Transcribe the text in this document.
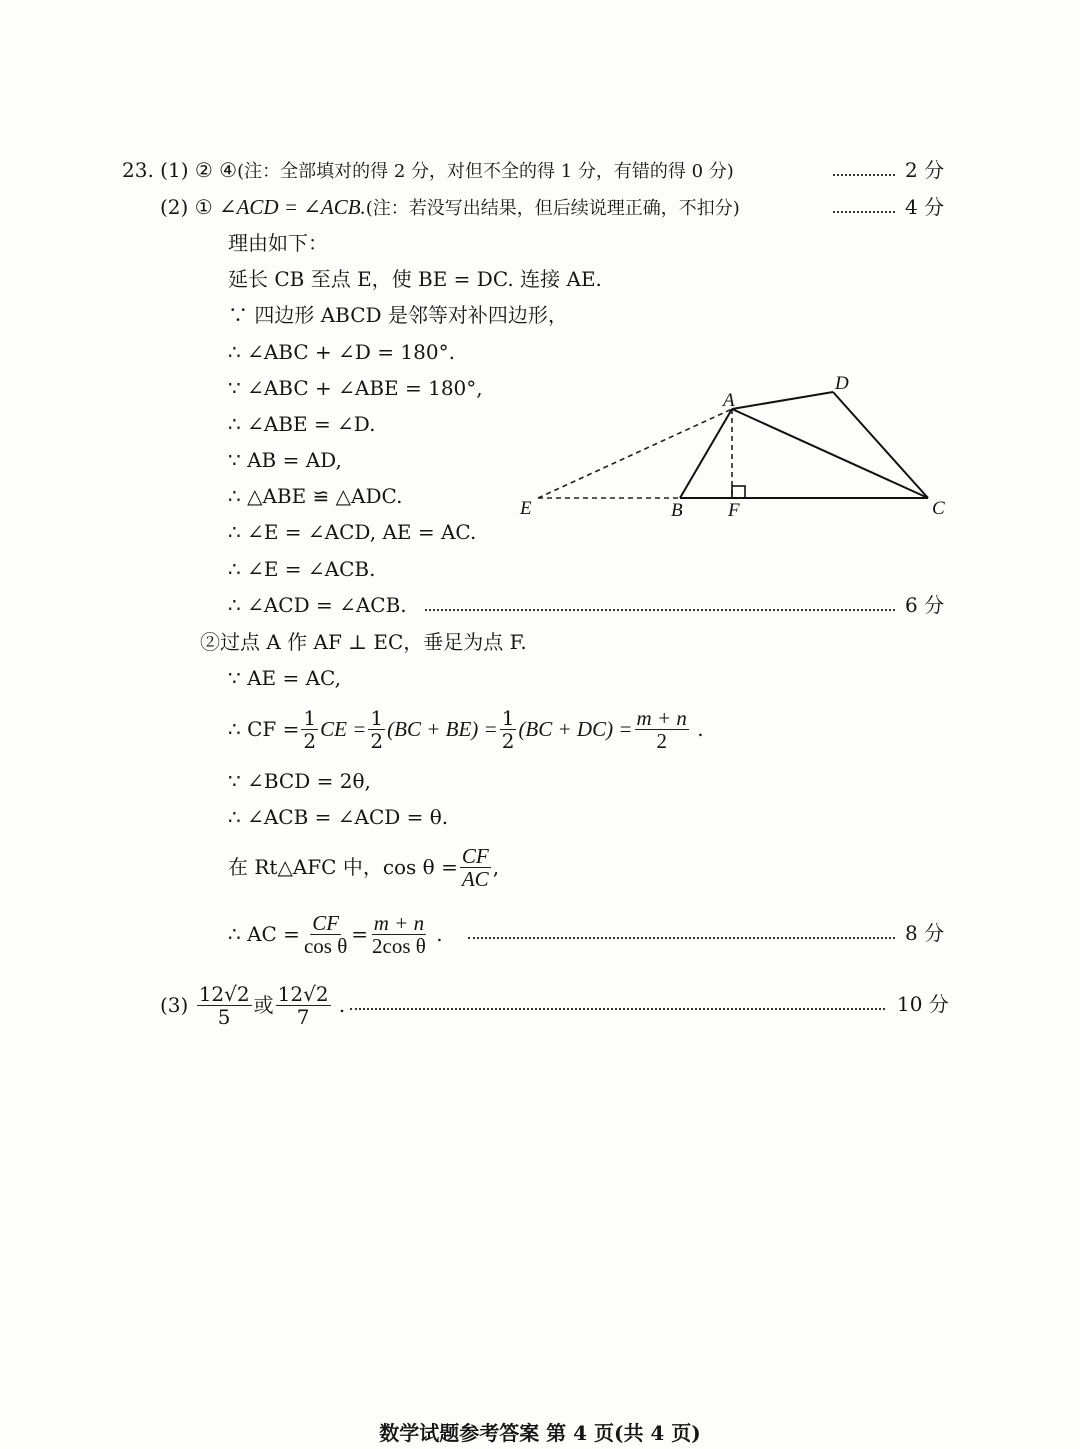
23. (1) ② ④(注：全部填对的得 2 分，对但不全的得 1 分，有错的得 0 分)	2 分
(2) ① ∠ACD = ∠ACB.(注：若没写出结果，但后续说理正确，不扣分)	4 分
理由如下：
延长 CB 至点 E，使 BE = DC. 连接 AE.
∵ 四边形 ABCD 是邻等对补四边形，
∴ ∠ABC + ∠D = 180°.
∵ ∠ABC + ∠ABE = 180°,
∴ ∠ABE = ∠D.
∵ AB = AD,
∴ △ABE ≌ △ADC.
∴ ∠E = ∠ACD, AE = AC.
∴ ∠E = ∠ACB.
∴ ∠ACD = ∠ACB.	6 分
A
D
E	B F	C
②过点 A 作 AF ⊥ EC，垂足为点 F.
∵ AE = AC,
∴ CF = $\frac{1}{2}$ CE = $\frac{1}{2} (BC + BE) = \frac{1}{2} (BC + DC) = \frac{m + n}{2}$ .
∵ ∠BCD = 2θ,
∴ ∠ACB = ∠ACD = θ.
在 Rt△AFC 中，$\cos \theta = \frac{CF}{AC}$ ,
∴ AC = $\frac{CF}{\text{cos θ}} = \frac{m + n}{\text{2cos θ}}$ .	8 分
(3)
$\frac{12√2}{5}$ 或 $\frac{12√2}{7}$ .	10 分
数学试题参考答案 第 4 页(共 4 页)
